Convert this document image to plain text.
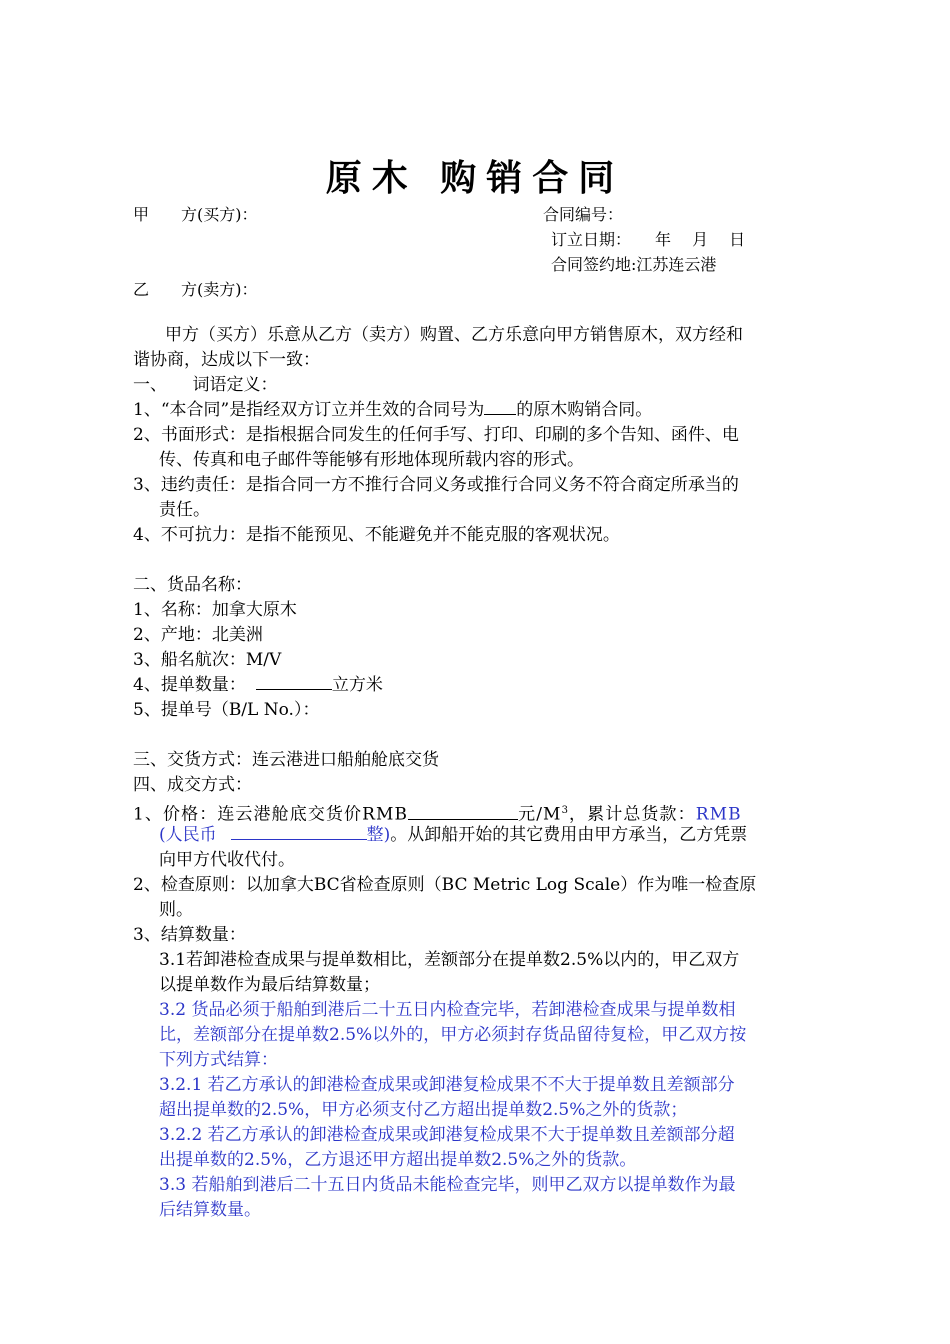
原木 购销合同
甲　　方(买方)：	合同编号：
订立日期：　　年　 月　 日
合同签约地:江苏连云港
乙　　方(卖方)：
甲方（买方）乐意从乙方（卖方）购置、乙方乐意向甲方销售原木，双方经和
谐协商，达成以下一致：
一、　　词语定义：
1、“本合同”是指经双方订立并生效的合同号为 的原木购销合同。
2、书面形式：是指根据合同发生的任何手写、打印、印刷的多个告知、函件、电
传、传真和电子邮件等能够有形地体现所载内容的形式。
3、违约责任：是指合同一方不推行合同义务或推行合同义务不符合商定所承当的
责任。
4、不可抗力：是指不能预见、不能避免并不能克服的客观状况。
二、货品名称：
1、名称：加拿大原木
2、产地：北美洲
3、船名航次：M/V
4、提单数量：	立方米
5、提单号（B/L No.）：
三、交货方式：连云港进口船舶舱底交货
四、成交方式：
1、价格：连云港舱底交货价RMB	元$/M^3$，累计总货款：RMB
(人民币	整)。从卸船开始的其它费用由甲方承当，乙方凭票
向甲方代收代付。
2、检查原则：以加拿大BC省检查原则（BC Metric Log Scale）作为唯一检查原
则。
3、结算数量：
3.1若卸港检查成果与提单数相比，差额部分在提单数2.5%以内的，甲乙双方
以提单数作为最后结算数量；
3.2 货品必须于船舶到港后二十五日内检查完毕，若卸港检查成果与提单数相
比，差额部分在提单数2.5%以外的，甲方必须封存货品留待复检，甲乙双方按
下列方式结算：
3.2.1 若乙方承认的卸港检查成果或卸港复检成果不不大于提单数且差额部分
超出提单数的2.5%，甲方必须支付乙方超出提单数2.5%之外的货款；
3.2.2 若乙方承认的卸港检查成果或卸港复检成果不大于提单数且差额部分超
出提单数的2.5%，乙方退还甲方超出提单数2.5%之外的货款。
3.3 若船舶到港后二十五日内货品未能检查完毕，则甲乙双方以提单数作为最
后结算数量。
